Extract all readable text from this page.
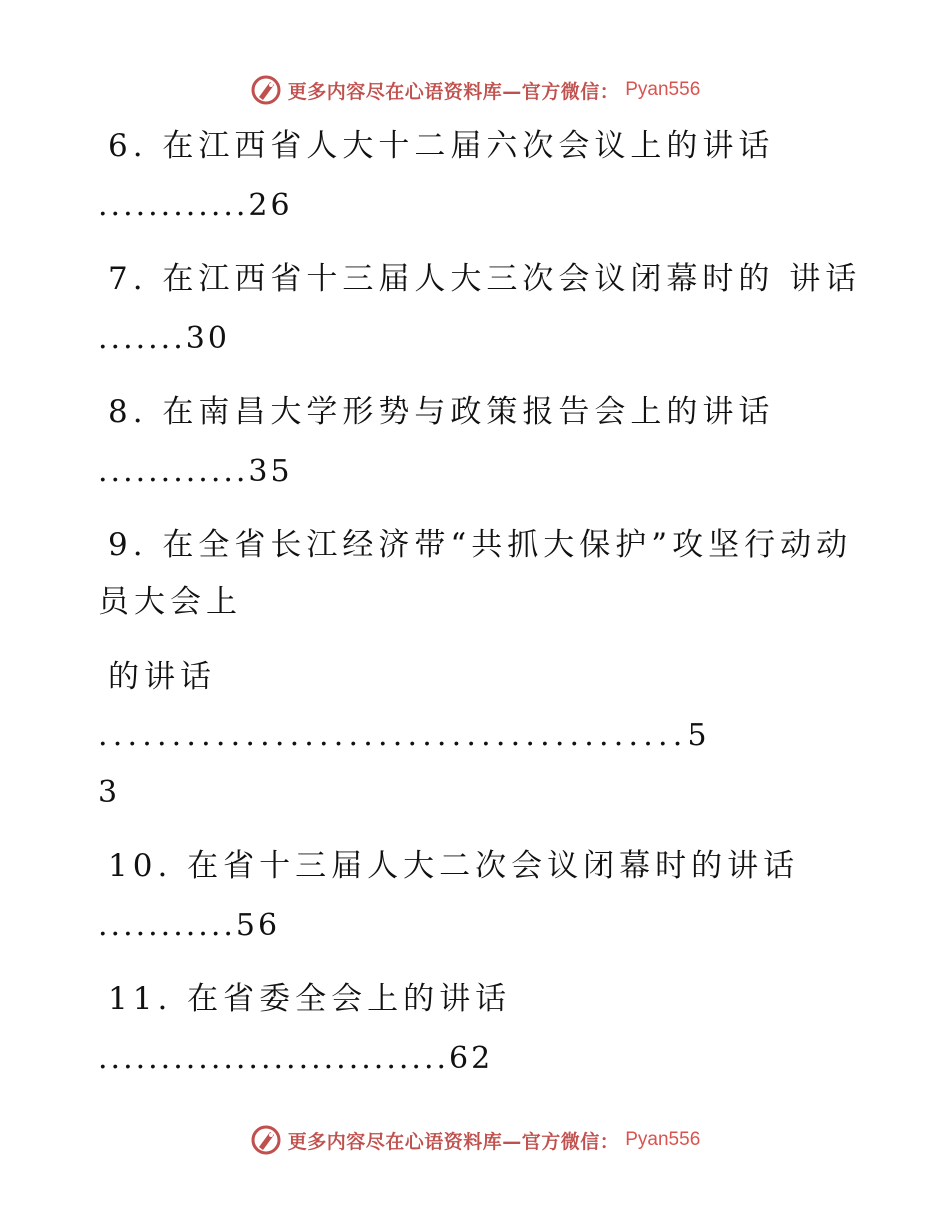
更多内容尽在心语资料库—官方微信： Pyan556
6. 在江西省人大十二届六次会议上的讲话
............26
7. 在江西省十三届人大三次会议闭幕时的 讲话
.......30
8. 在南昌大学形势与政策报告会上的讲话
............35
9. 在全省长江经济带“共抓大保护”攻坚行动动
员大会上
的讲话
........................................5
3
10. 在省十三届人大二次会议闭幕时的讲话
...........56
11. 在省委全会上的讲话
............................62
更多内容尽在心语资料库—官方微信： Pyan556
